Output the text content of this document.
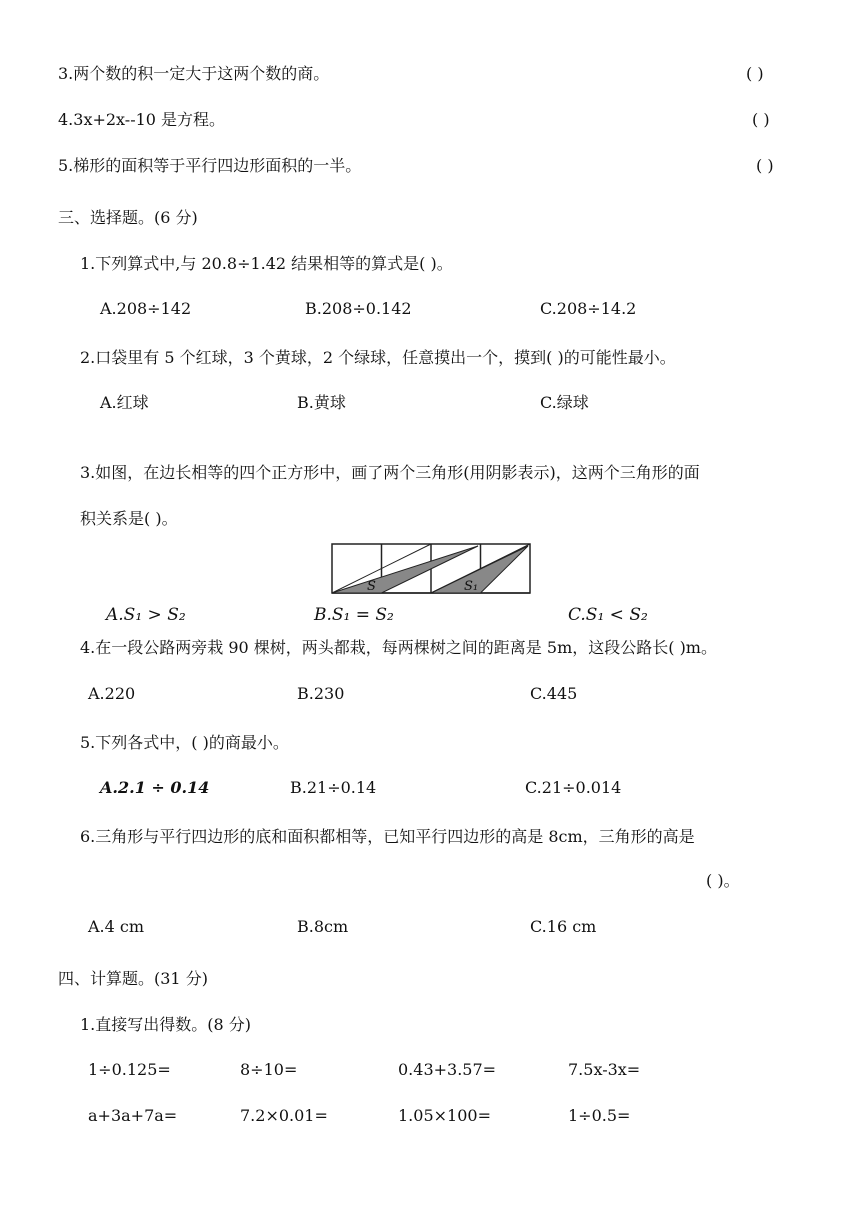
3.两个数的积一定大于这两个数的商。	( )
4.3x+2x--10 是方程。	( )
5.梯形的面积等于平行四边形面积的一半。	( )
三、选择题。(6 分)
1.下列算式中,与 20.8÷1.42 结果相等的算式是( )。
A.208÷142	B.208÷0.142	C.208÷14.2
2.口袋里有 5 个红球，3 个黄球，2 个绿球，任意摸出一个，摸到( )的可能性最小。
A.红球	B.黄球	C.绿球
3.如图，在边长相等的四个正方形中，画了两个三角形(用阴影表示)，这两个三角形的面
积关系是( )。
S	S₁
A.S₁ > S₂	B.S₁ = S₂	C.S₁ < S₂
4.在一段公路两旁栽 90 棵树，两头都栽，每两棵树之间的距离是 5m，这段公路长( )m。
A.220	B.230	C.445
5.下列各式中，( )的商最小。
A.2.1 ÷ 0.14	B.21÷0.14	C.21÷0.014
6.三角形与平行四边形的底和面积都相等，已知平行四边形的高是 8cm，三角形的高是
( )。
A.4 cm	B.8cm	C.16 cm
四、计算题。(31 分)
1.直接写出得数。(8 分)
1÷0.125=	8÷10=	0.43+3.57=	7.5x-3x=
a+3a+7a=	7.2×0.01=	1.05×100=	1÷0.5=
